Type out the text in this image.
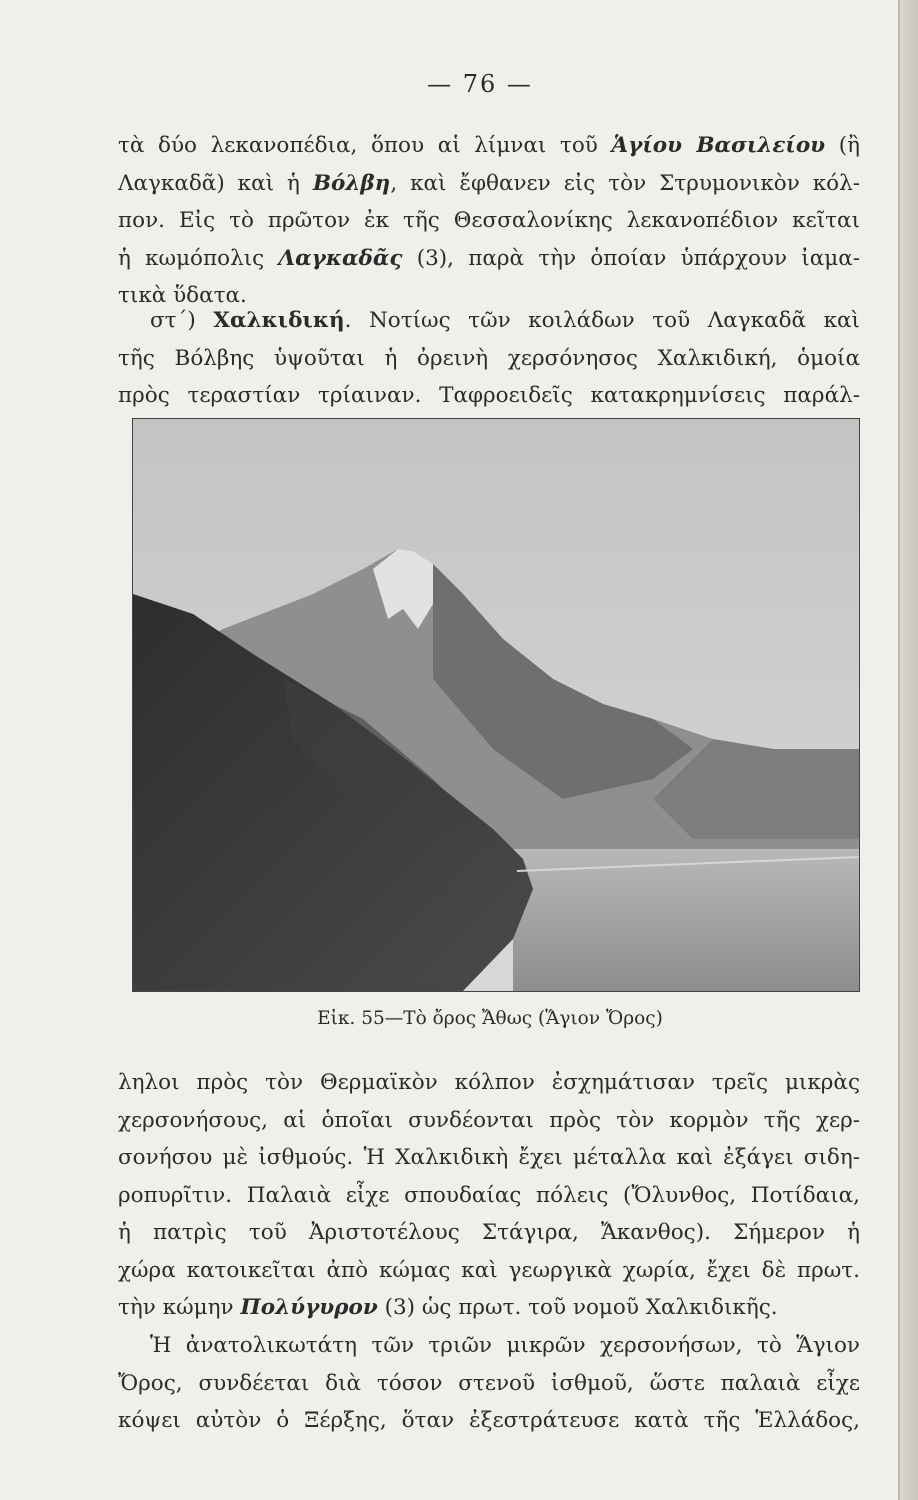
— 76 —
τὰ δύο λεκανοπέδια, ὅπου αἱ λίμναι τοῦ Ἁγίου Βασιλείου (ἢ
Λαγκαδᾶ) καὶ ἡ Βόλβη, καὶ ἔφθανεν εἰς τὸν Στρυμονικὸν κόλ-
πον. Εἰς τὸ πρῶτον ἐκ τῆς Θεσσαλονίκης λεκανοπέδιον κεῖται
ἡ κωμόπολις Λαγκαδᾶς (3), παρὰ τὴν ὁποίαν ὑπάρχουν ἰαμα-
τικὰ ὕδατα.
στ΄) Χαλκιδική. Νοτίως τῶν κοιλάδων τοῦ Λαγκαδᾶ καὶ
τῆς Βόλβης ὑψοῦται ἡ ὀρεινὴ χερσόνησος Χαλκιδική, ὁμοία
πρὸς τεραστίαν τρίαιναν. Ταφροειδεῖς κατακρημνίσεις παράλ-
Εἰκ. 55—Τὸ ὄρος Ἄθως (Ἅγιον Ὄρος)
ληλοι πρὸς τὸν Θερμαϊκὸν κόλπον ἐσχημάτισαν τρεῖς μικρὰς
χερσονήσους, αἱ ὁποῖαι συνδέονται πρὸς τὸν κορμὸν τῆς χερ-
σονήσου μὲ ἰσθμούς. Ἡ Χαλκιδικὴ ἔχει μέταλλα καὶ ἐξάγει σιδη-
ροπυρῖτιν. Παλαιὰ εἶχε σπουδαίας πόλεις (Ὄλυνθος, Ποτίδαια,
ἡ πατρὶς τοῦ Ἀριστοτέλους Στάγιρα, Ἄκανθος). Σήμερον ἡ
χώρα κατοικεῖται ἀπὸ κώμας καὶ γεωργικὰ χωρία, ἔχει δὲ πρωτ.
τὴν κώμην Πολύγυρον (3) ὡς πρωτ. τοῦ νομοῦ Χαλκιδικῆς.
Ἡ ἀνατολικωτάτη τῶν τριῶν μικρῶν χερσονήσων, τὸ Ἅγιον
Ὄρος, συνδέεται διὰ τόσον στενοῦ ἰσθμοῦ, ὥστε παλαιὰ εἶχε
κόψει αὐτὸν ὁ Ξέρξης, ὅταν ἐξεστράτευσε κατὰ τῆς Ἑλλάδος,
